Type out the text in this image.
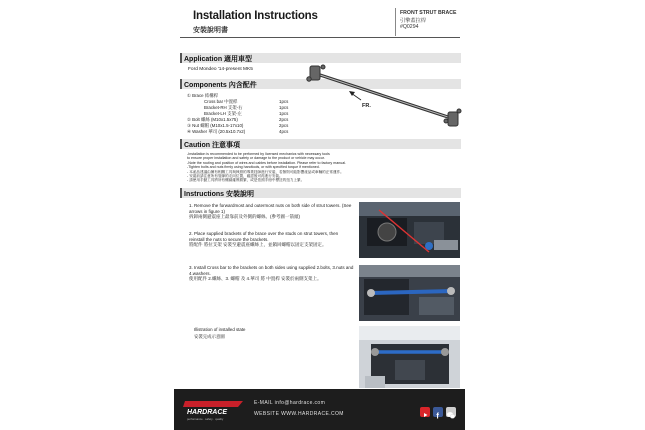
Installation Instructions
安裝說明書
FRONT STRUT BRACE
引擎蓋拉桿
#Q0294
Application 適用車型
Ford Mondeo '14-present MK5
Components 內含配件
① Brace 結構桿
Cross bar 中置桿	1pcs
Bracket-RH 支架-右	1pcs
Bracket-LH 支架-左	1pcs
② Bolt 螺絲 (M10x1.5x75)	2pcs
③ Nut 螺帽 (M10x1.5-17x10)	2pcs
④ Washer 華司 (20.5x10.7x2)	4pcs
FR.
Caution 注意事項
-Installation is recommended to be performed by licensed mechanics with necessary tools
to ensure proper installation and safety or damage to the product or vehicle may occur.
-Note the routing and position of wires and cables before installation. Please refer to factory manual.
-Tighten bolts and nuts firmly using handtools, or with specified torque if mentioned.
- 本產品建議由擁有相關工具與執照的專業技師進行安裝，若無則可能影響產品或車輛的正常運作。
- 安裝前請注意所有管線的走向位置，確認後可再進行安裝。
- 請使用手動工具將所有螺絲確實鎖緊，或是依照手冊中標註的扭力上緊。
Instructions 安裝說明
1. Remove the forwardmost and outermost nuts on both side of strut towers. (See arrows in figure 1)
拆卸兩側避震座上最靠前及外側的螺絲。(參考圖一箭頭)
2. Place supplied brackets of the brace over the studs on strut towers, then reinstall the nuts to secure the brackets.
將配件 將拉支架 安裝至避震座螺絲上，並鎖回螺帽以固定支架固定。
3. Install Cross bar to the brackets on both sides using supplied 2.bolts, 3.nuts and 4.washers.
使用配件 2.螺絲、3. 螺帽 及 4.華司 將 中置桿 安裝於兩側支架上。
Illistration of installed state
安裝完成示意圖
HARDRACE
performance · safety · quality
E-MAIL info@hardrace.com
WEBSITE WWW.HARDRACE.COM	f
